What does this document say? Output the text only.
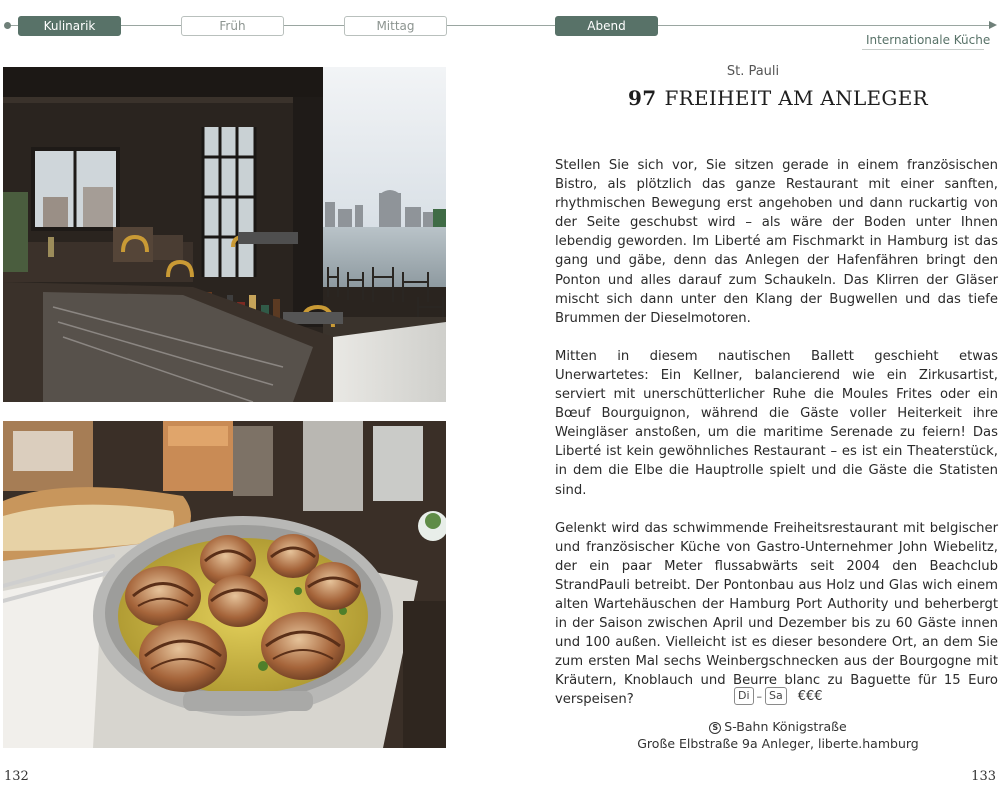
Kulinarik	Früh	Mittag	Abend
Internationale Küche
St. Pauli
97 FREIHEIT AM ANLEGER

Stellen Sie sich vor, Sie sitzen gerade in einem französischen Bistro, als plötzlich das ganze Restaurant mit einer sanften, rhythmischen Bewegung erst angehoben und dann ruckartig von der Seite geschubst wird – als wäre der Boden unter Ihnen lebendig geworden. Im Liberté am Fischmarkt in Hamburg ist das gang und gäbe, denn das Anlegen der Hafenfähren bringt den Ponton und alles darauf zum Schaukeln. Das Klirren der Gläser mischt sich dann unter den Klang der Bugwellen und das tiefe Brummen der Dieselmotoren.

Mitten in diesem nautischen Ballett geschieht etwas Unerwartetes: Ein Kellner, balancierend wie ein Zirkusartist, serviert mit unerschütterlicher Ruhe die Moules Frites oder ein Bœuf Bourguignon, während die Gäste voller Heiterkeit ihre Weingläser anstoßen, um die maritime Serenade zu feiern! Das Liberté ist kein gewöhnliches Restaurant – es ist ein Theaterstück, in dem die Elbe die Hauptrolle spielt und die Gäste die Statisten sind.

Gelenkt wird das schwimmende Freiheitsrestaurant mit belgischer und französischer Küche von Gastro-Unternehmer John Wiebelitz, der ein paar Meter flussabwärts seit 2004 den Beachclub StrandPauli betreibt. Der Pontonbau aus Holz und Glas wich einem alten Wartehäuschen der Hamburg Port Authority und beherbergt in der Saison zwischen April und Dezember bis zu 60 Gäste innen und 100 außen. Vielleicht ist es dieser besondere Ort, an dem Sie zum ersten Mal sechs Weinbergschnecken aus der Bourgogne mit Kräutern, Knoblauch und Beurre blanc zu Baguette für 15 Euro verspeisen?	Di – Sa	€€€
S S-Bahn Königstraße
Große Elbstraße 9a Anleger, liberte.hamburg
132	133
